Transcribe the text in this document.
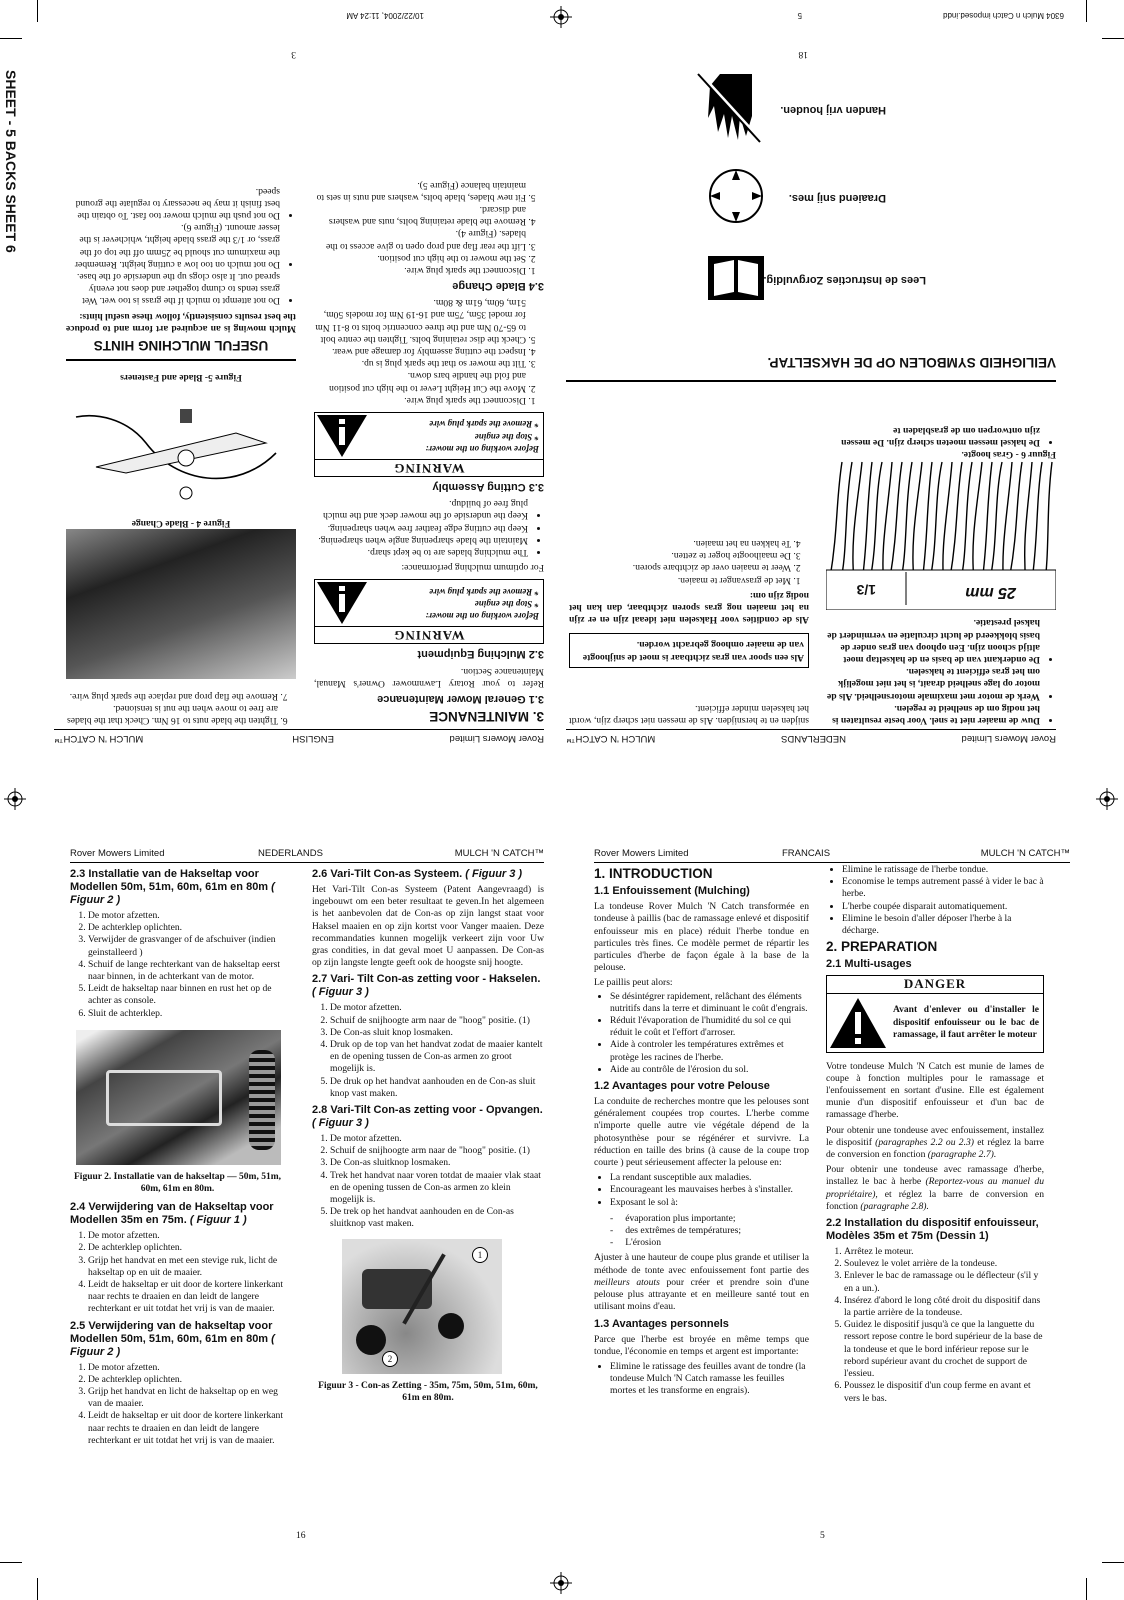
SHEET - 5 BACKS SHEET 6
6304 Mulch n Catch imposed.indd
5
10/22/2004, 11:24 AM
Rover Mowers Limited
NEDERLANDS
MULCH 'N CATCH™
• Duw de maaier niet te snel. Voor beste resultaten is het nodig om de snelheid te regelen.
• Werk de motor met maximale motorsnelheid. Als de motor op lage snelheid draait, is het niet mogelijk om het gras efficient te hakselen.
• De onderkant van de basis en de hakseltap moet altijd schoon zijn. Een ophoop van gras onder de basis blokkeerd de lucht circulatie en vermindert de haksel prestatie.
1/3	25 mm
Figuur 6 - Gras hoogte.
• De haksel messen moeten scherp zijn. De messen zijn ontworpen om de grasbladen te

snijden en te hersnijden. Als de messen niet scherp zijn, wordt het hakselen minder efficient.

Als een spoor van gras zichtbaar is moet de snijhoogte van de maaier omhoog gebracht worden.

Als de condities voor Hakselen niet ideaal zijn en er zijn na het maaien nog gras sporen zichtbaar, dan kan het nodig zijn om:

1. Met de grasvanger te maaien.
2. Weer te maaien over de zichtbare sporen.
3. De maaihoogte hoger te zetten.
4. Te hakken na het maaien.
VEILIGHEID SYMBOLEN OP DE HAKSELTAP.
Lees de Instructies Zorgvuldig.
Draaiend snij mes.
Handen vrij houden.
18
Rover Mowers Limited
ENGLISH
MULCH 'N CATCH™
3. MAINTENANCE
3.1 General Mower Maintenance

Refer to your Rotary Lawnmower Owner's Manual, Maintenance Section.

3.2 Mulching Equipment
WARNING
Before working on the mower:
* Stop the engine
* Remove the spark plug wire

For optimum mulching performance:

• The mulching blades are to be kept sharp.
• Maintain the blade sharpening angle when sharpening.
• Keep the cutting edge feather free when sharpening.
• Keep the underside of the mower deck and the mulch plug free of buildup.
3.3 Cutting Assembly
WARNING
Before working on the mower:
* Stop the engine
* Remove the spark plug wire
1. Disconnect the spark plug wire.
2. Move the Cut Height Lever to the high cut position and fold the handle bars down.
3. Tilt the mower so that the spark plug is up.
4. Inspect the cutting assembly for damage and wear.
5. Check the disc retaining bolts. Tighten the centre bolt to 65-70 Nm and the three concentric bolts to 8-11 Nm for model 35m, 75m and 16-19 Nm for models 50m, 51m, 60m, 61m & 80m.
3.4 Blade Change
1. Disconnect the spark plug wire.
2. Set the mower to the high cut position.
3. Lift the rear flap and prop open to give access to the blades. (Figure 4).
4. Remove the blade retaining bolts, nuts and washers and discard.
5. Fit new blades, blade bolts, washers and nuts in sets to maintain balance (Figure 5).
6. Tighten the blade nuts to 16 Nm. Check that the blades are free to move when the nut is tensioned.
7. Remove the flap prop and replace the spark plug wire.
Figure 4 - Blade Change
Figure 5- Blade and Fasteners
USEFUL MULCHING HINTS

Mulch mowing is an acquired art form and to produce the best results consistently, follow these useful hints:

• Do not attempt to mulch if the grass is too wet. Wet grass tends to clump together and does not evenly spread out. It also clogs up the underside of the base.
• Do not mulch on too low a cutting height. Remember the maximum cut should be 25mm off the top of the grass, or 1/3 the grass blade height, whichever is the lesser amount. (Figure 6).
• Do not push the mulch mower too fast. To obtain the best finish it may be necessary to regulate the ground speed.
3
Rover Mowers Limited	NEDERLANDS	MULCH 'N CATCH™
2.3 Installatie van de Hakseltap voor Modellen 50m, 51m, 60m, 61m en 80m ( Figuur 2 )
1. De motor afzetten.
2. De achterklep oplichten.
3. Verwijder de grasvanger of de afschuiver (indien geinstalleerd )
4. Schuif de lange rechterkant van de hakseltap eerst naar binnen, in de achterkant van de motor.
5. Leidt de hakseltap naar binnen en rust het op de achter as console.
6. Sluit de achterklep.
Figuur 2. Installatie van de hakseltap — 50m, 51m, 60m, 61m en 80m.
2.4 Verwijdering van de Hakseltap voor Modellen 35m en 75m. ( Figuur 1 )
1. De motor afzetten.
2. De achterklep oplichten.
3. Grijp het handvat en met een stevige ruk, licht de hakseltap op en uit de maaier.
4. Leidt de hakseltap er uit door de kortere linkerkant naar rechts te draaien en dan leidt de langere rechterkant er uit totdat het vrij is van de maaier.
2.5 Verwijdering van de hakseltap voor Modellen 50m, 51m, 60m, 61m en 80m ( Figuur 2 )
1. De motor afzetten.
2. De achterklep oplichten.
3. Grijp het handvat en licht de hakseltap op en weg van de maaier.
4. Leidt de hakseltap er uit door de kortere linkerkant naar rechts te draaien en dan leidt de langere rechterkant er uit totdat het vrij is van de maaier.
2.6 Vari-Tilt Con-as Systeem. ( Figuur 3 )

Het Vari-Tilt Con-as Systeem (Patent Aangevraagd) is ingebouwt om een beter resultaat te geven.In het algemeen is het aanbevolen dat de Con-as op zijn langst staat voor Haksel maaien en op zijn kortst voor Vanger maaien. Deze recommandaties kunnen mogelijk verkeert zijn voor Uw gras condities, in dat geval moet U aanpassen. De Con-as op zijn langste lengte geeft ook de hoogste snij hoogte.

2.7 Vari- Tilt Con-as zetting voor - Hakselen. ( Figuur 3 )
1. De motor afzetten.
2. Schuif de snijhoogte arm naar de "hoog" positie. (1)
3. De Con-as sluit knop losmaken.
4. Druk op de top van het handvat zodat de maaier kantelt en de opening tussen de Con-as armen zo groot mogelijk is.
5. De druk op het handvat aanhouden en de Con-as sluit knop vast maken.
2.8 Vari-Tilt Con-as zetting voor - Opvangen. ( Figuur 3 )
1. De motor afzetten.
2. Schuif de snijhoogte arm naar de "hoog" positie. (1)
3. De Con-as sluitknop losmaken.
4. Trek het handvat naar voren totdat de maaier vlak staat en de opening tussen de Con-as armen zo klein mogelijk is.
5. De trek op het handvat aanhouden en de Con-as sluitknop vast maken.
1
2
Figuur 3 - Con-as Zetting - 35m, 75m, 50m, 51m, 60m, 61m en 80m.
16
Rover Mowers Limited	FRANCAIS	MULCH 'N CATCH™
1. INTRODUCTION
1.1 Enfouissement (Mulching)

La tondeuse Rover Mulch 'N Catch transformée en tondeuse à paillis (bac de ramassage enlevé et dispositif enfouisseur mis en place) réduit l'herbe tondue en particules très fines. Ce modèle permet de répartir les particules d'herbe de façon égale à la base de la pelouse.

Le paillis peut alors:

• Se désintégrer rapidement, relâchant des éléments nutritifs dans la terre et diminuant le coût d'engrais.
• Réduit l'évaporation de l'humidité du sol ce qui réduit le coût et l'effort d'arroser.
• Aide à controler les températures extrêmes et protège les racines de l'herbe.
• Aide au contrôle de l'érosion du sol.
1.2 Avantages pour votre Pelouse

La conduite de recherches montre que les pelouses sont généralement coupées trop courtes. L'herbe comme n'importe quelle autre vie végétale dépend de la photosynthèse pour se régénérer et survivre. La réduction en taille des brins (à cause de la coupe trop courte ) peut sérieusement affecter la pelouse en:

• La rendant susceptible aux maladies.
• Encourageant les mauvaises herbes à s'installer.
• Exposant le sol à:
-     évaporation plus importante;
-     des extrêmes de températures;
-     L'érosion

Ajuster à une hauteur de coupe plus grande et utiliser la méthode de tonte avec enfouissement font partie des meilleurs atouts pour créer et prendre soin d'une pelouse plus attrayante et en meilleure santé tout en utilisant moins d'eau.

1.3 Avantages personnels

Parce que l'herbe est broyée en même temps que tondue, l'économie en temps et argent est importante:

• Elimine le ratissage des feuilles avant de tondre (la tondeuse Mulch 'N Catch ramasse les feuilles mortes et les transforme en engrais).
• Elimine le ratissage de l'herbe tondue.
• Economise le temps autrement passé à vider le bac à herbe.
• L'herbe coupée disparait automatiquement.
• Elimine le besoin d'aller déposer l'herbe à la décharge.
2. PREPARATION
2.1 Multi-usages
DANGER
Avant d'enlever ou d'installer le dispositif enfouisseur ou le bac de ramassage, il faut arrêter le moteur

Votre tondeuse Mulch 'N Catch est munie de lames de coupe à fonction multiples pour le ramassage et l'enfouissement en sortant d'usine. Elle est également munie d'un dispositif enfouisseur et d'un bac de ramassage d'herbe.

Pour obtenir une tondeuse avec enfouissement, installez le dispositif (paragraphes 2.2 ou 2.3) et réglez la barre de conversion en fonction (paragraphe 2.7).

Pour obtenir une tondeuse avec ramassage d'herbe, installez le bac à herbe (Reportez-vous au manuel du propriétaire), et réglez la barre de conversion en fonction (paragraphe 2.8).

2.2 Installation du dispositif enfouisseur, Modèles 35m et 75m (Dessin 1)
1. Arrêtez le moteur.
2. Soulevez le volet arrière de la tondeuse.
3. Enlever le bac de ramassage ou le déflecteur (s'il y en a un.).
4. Insérez d'abord le long côté droit du dispositif dans la partie arrière de la tondeuse.
5. Guidez le dispositif jusqu'à ce que la languette du ressort repose contre le bord supérieur de la base de la tondeuse et que le bord inférieur repose sur le rebord supérieur avant du crochet de support de l'essieu.
6. Poussez le dispositif d'un coup ferme en avant et vers le bas.
5
